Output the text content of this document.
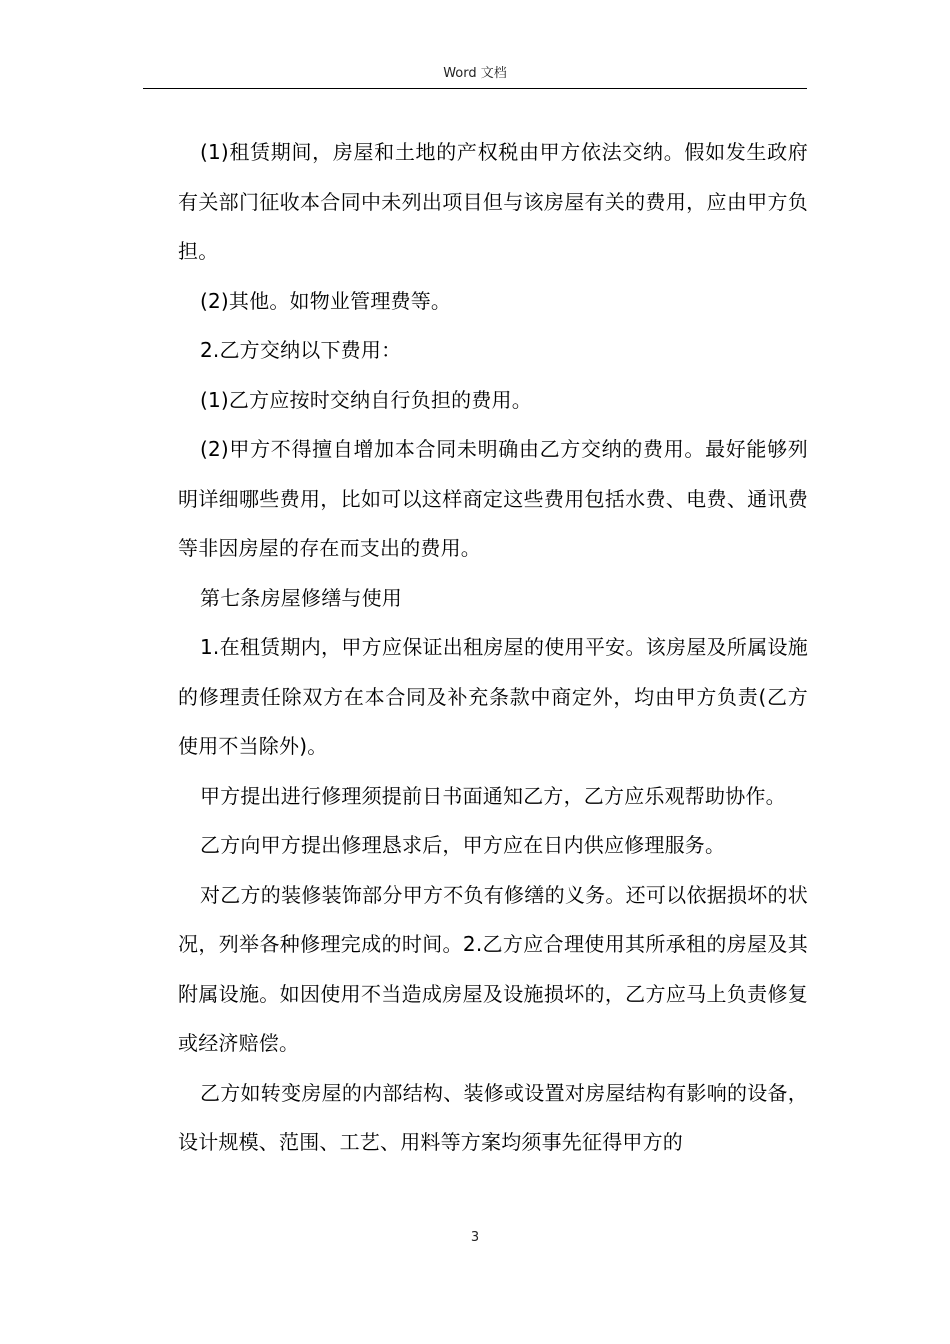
Word 文档

(1)租赁期间，房屋和土地的产权税由甲方依法交纳。假如发生政府有关部门征收本合同中未列出项目但与该房屋有关的费用，应由甲方负担。

(2)其他。如物业管理费等。

2.乙方交纳以下费用：

(1)乙方应按时交纳自行负担的费用。

(2)甲方不得擅自增加本合同未明确由乙方交纳的费用。最好能够列明详细哪些费用，比如可以这样商定这些费用包括水费、电费、通讯费等非因房屋的存在而支出的费用。

第七条房屋修缮与使用

1.在租赁期内，甲方应保证出租房屋的使用平安。该房屋及所属设施的修理责任除双方在本合同及补充条款中商定外，均由甲方负责(乙方使用不当除外)。

甲方提出进行修理须提前日书面通知乙方，乙方应乐观帮助协作。

乙方向甲方提出修理恳求后，甲方应在日内供应修理服务。

对乙方的装修装饰部分甲方不负有修缮的义务。还可以依据损坏的状况，列举各种修理完成的时间。2.乙方应合理使用其所承租的房屋及其附属设施。如因使用不当造成房屋及设施损坏的，乙方应马上负责修复或经济赔偿。

乙方如转变房屋的内部结构、装修或设置对房屋结构有影响的设备，设计规模、范围、工艺、用料等方案均须事先征得甲方的

3
